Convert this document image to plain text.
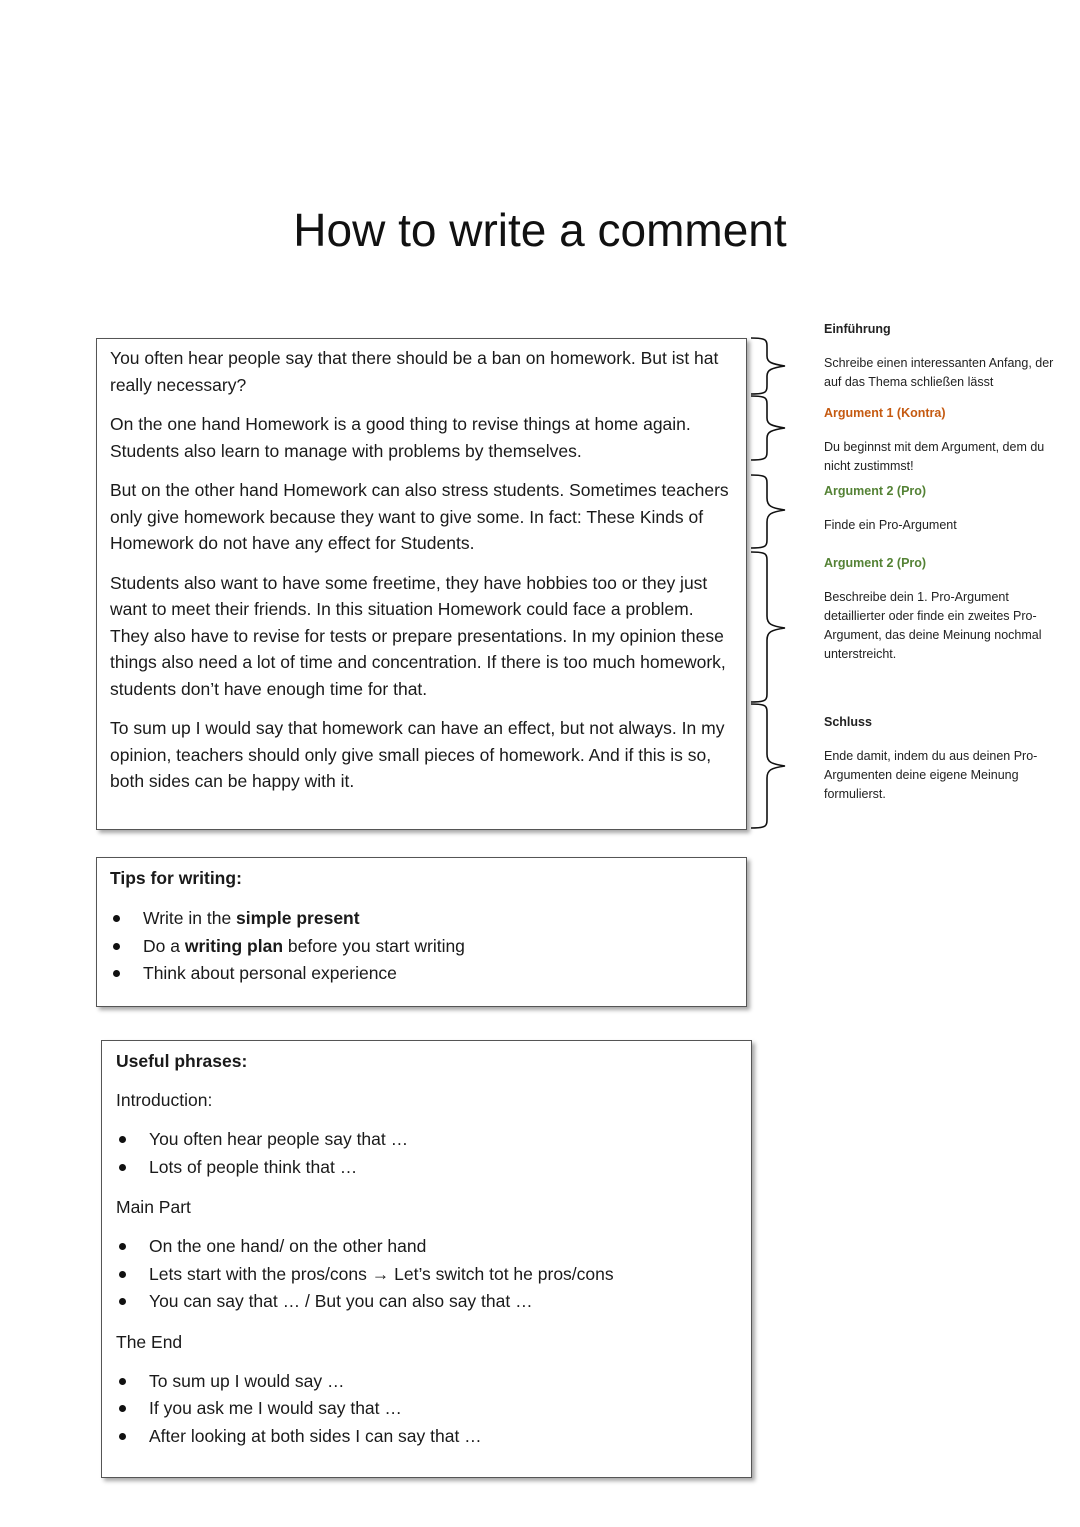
How to write a comment

You often hear people say that there should be a ban on homework. But ist hat really necessary?

On the one hand Homework is a good thing to revise things at home again. Students also learn to manage with problems by themselves.

But on the other hand Homework can also stress students. Sometimes teachers only give homework because they want to give some. In fact: These Kinds of Homework do not have any effect for Students.

Students also want to have some freetime, they have hobbies too or they just want to meet their friends. In this situation Homework could face a problem. They also have to revise for tests or prepare presentations. In my opinion these things also need a lot of time and concentration. If there is too much homework, students don’t have enough time for that.

To sum up I would say that homework can have an effect, but not always. In my opinion, teachers should only give small pieces of homework. And if this is so, both sides can be happy with it.

Einführung
Schreibe einen interessanten Anfang, der auf das Thema schließen lässt
Argument 1 (Kontra)
Du beginnst mit dem Argument, dem du nicht zustimmst!
Argument 2 (Pro)
Finde ein Pro-Argument
Argument 2 (Pro)
Beschreibe dein 1. Pro-Argument detaillierter oder finde ein zweites Pro-Argument, das deine Meinung nochmal unterstreicht.
Schluss
Ende damit, indem du aus deinen Pro-Argumenten deine eigene Meinung formulierst.
Tips for writing:
Write in the simple present
Do a writing plan before you start writing
Think about personal experience
Useful phrases:
Introduction:
You often hear people say that …
Lots of people think that …
Main Part
On the one hand/ on the other hand
Lets start with the pros/cons → Let’s switch tot he pros/cons
You can say that … / But you can also say that …
The End
To sum up I would say …
If you ask me I would say that …
After looking at both sides I can say that …
